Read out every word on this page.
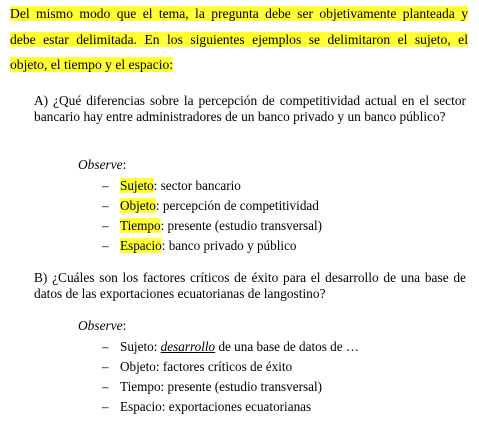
Del mismo modo que el tema, la pregunta debe ser objetivamente planteada y
debe estar delimitada. En los siguientes ejemplos se delimitaron el sujeto, el
objeto, el tiempo y el espacio:
A) ¿Qué diferencias sobre la percepción de competitividad actual en el sector bancario hay entre administradores de un banco privado y un banco público?
Observe:
– Sujeto: sector bancario
– Objeto: percepción de competitividad
– Tiempo: presente (estudio transversal)
– Espacio: banco privado y público
B) ¿Cuáles son los factores críticos de éxito para el desarrollo de una base de datos de las exportaciones ecuatorianas de langostino?
Observe:
– Sujeto: desarrollo de una base de datos de …
– Objeto: factores críticos de éxito
– Tiempo: presente (estudio transversal)
– Espacio: exportaciones ecuatorianas
